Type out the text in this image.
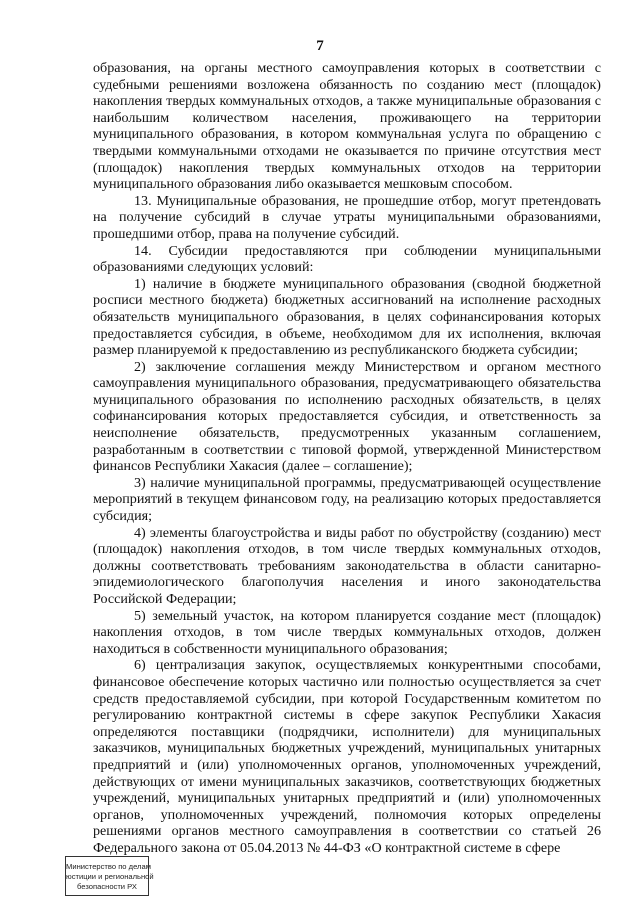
7

образования, на органы местного самоуправления которых в соответствии с судебными решениями возложена обязанность по созданию мест (площадок) накопления твердых коммунальных отходов, а также муниципальные образования с наибольшим количеством населения, проживающего на территории муниципального образования, в котором коммунальная услуга по обращению с твердыми коммунальными отходами не оказывается по причине отсутствия мест (площадок) накопления твердых коммунальных отходов на территории муниципального образования либо оказывается мешковым способом.

13. Муниципальные образования, не прошедшие отбор, могут претендовать на получение субсидий в случае утраты муниципальными образованиями, прошедшими отбор, права на получение субсидий.

14. Субсидии предоставляются при соблюдении муниципальными образованиями следующих условий:

1) наличие в бюджете муниципального образования (сводной бюджетной росписи местного бюджета) бюджетных ассигнований на исполнение расходных обязательств муниципального образования, в целях софинансирования которых предоставляется субсидия, в объеме, необходимом для их исполнения, включая размер планируемой к предоставлению из республиканского бюджета субсидии;

2) заключение соглашения между Министерством и органом местного самоуправления муниципального образования, предусматривающего обязательства муниципального образования по исполнению расходных обязательств, в целях софинансирования которых предоставляется субсидия, и ответственность за неисполнение обязательств, предусмотренных указанным соглашением, разработанным в соответствии с типовой формой, утвержденной Министерством финансов Республики Хакасия (далее – соглашение);

3) наличие муниципальной программы, предусматривающей осуществление мероприятий в текущем финансовом году, на реализацию которых предоставляется субсидия;

4) элементы благоустройства и виды работ по обустройству (созданию) мест (площадок) накопления отходов, в том числе твердых коммунальных отходов, должны соответствовать требованиям законодательства в области санитарно-эпидемиологического благополучия населения и иного законодательства Российской Федерации;

5) земельный участок, на котором планируется создание мест (площадок) накопления отходов, в том числе твердых коммунальных отходов, должен находиться в собственности муниципального образования;

6) централизация закупок, осуществляемых конкурентными способами, финансовое обеспечение которых частично или полностью осуществляется за счет средств предоставляемой субсидии, при которой Государственным комитетом по регулированию контрактной системы в сфере закупок Республики Хакасия определяются поставщики (подрядчики, исполнители) для муниципальных заказчиков, муниципальных бюджетных учреждений, муниципальных унитарных предприятий и (или) уполномоченных органов, уполномоченных учреждений, действующих от имени муниципальных заказчиков, соответствующих бюджетных учреждений, муниципальных унитарных предприятий и (или) уполномоченных органов, уполномоченных учреждений, полномочия которых определены решениями органов местного самоуправления в соответствии со статьей 26 Федерального закона от 05.04.2013 № 44-ФЗ «О контрактной системе в сфере

Министерство по делам
юстиции и региональной
безопасности РХ
